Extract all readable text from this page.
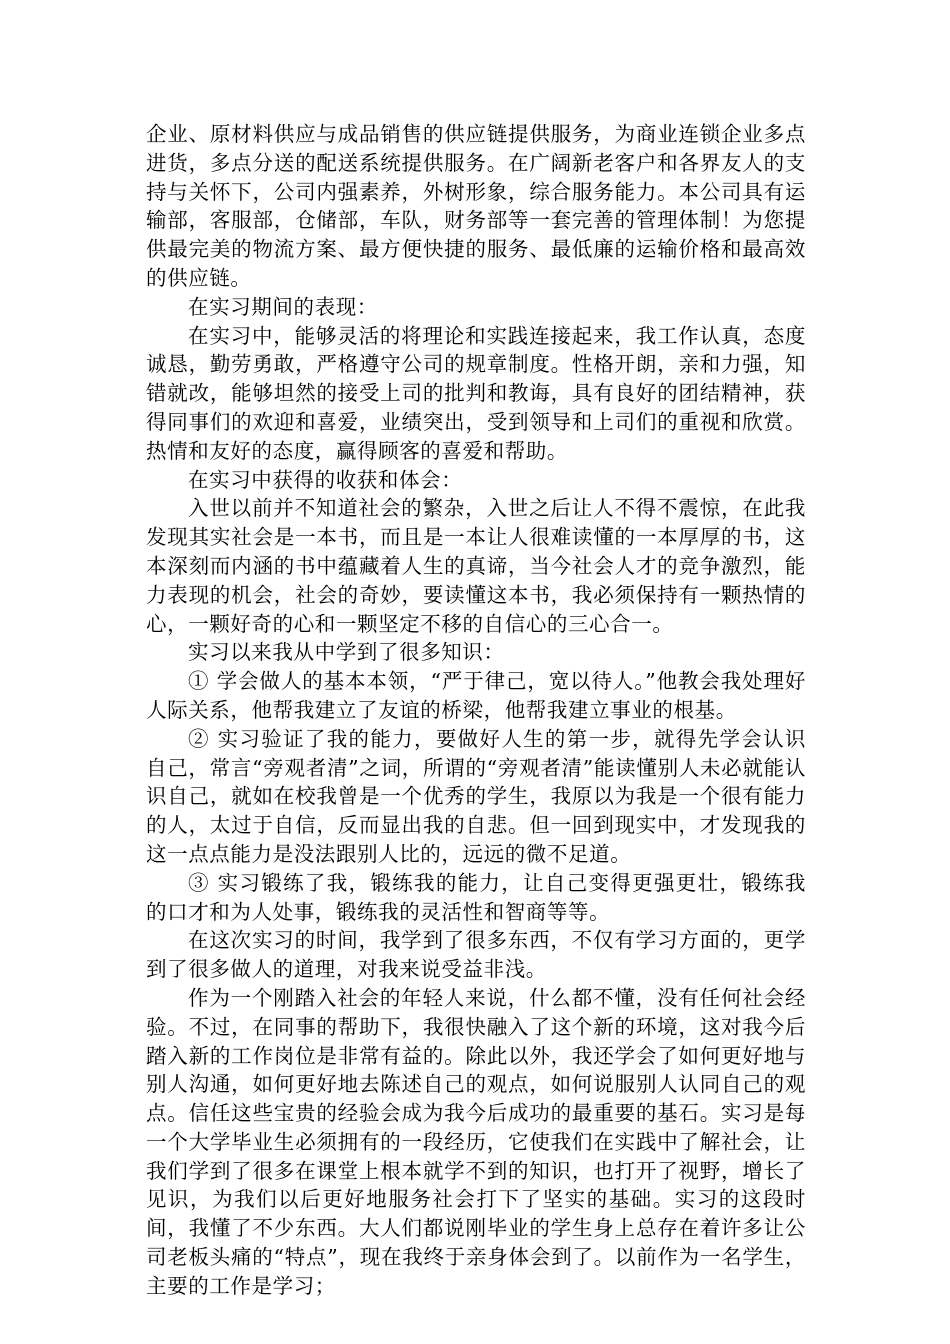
企业、原材料供应与成品销售的供应链提供服务，为商业连锁企业多点进货，多点分送的配送系统提供服务。在广阔新老客户和各界友人的支持与关怀下，公司内强素养，外树形象，综合服务能力。本公司具有运输部，客服部，仓储部，车队，财务部等一套完善的管理体制！为您提供最完美的物流方案、最方便快捷的服务、最低廉的运输价格和最高效的供应链。

在实习期间的表现：

在实习中，能够灵活的将理论和实践连接起来，我工作认真，态度诚恳，勤劳勇敢，严格遵守公司的规章制度。性格开朗，亲和力强，知错就改，能够坦然的接受上司的批判和教诲，具有良好的团结精神，获得同事们的欢迎和喜爱，业绩突出，受到领导和上司们的重视和欣赏。热情和友好的态度，赢得顾客的喜爱和帮助。

在实习中获得的收获和体会：

入世以前并不知道社会的繁杂，入世之后让人不得不震惊，在此我发现其实社会是一本书，而且是一本让人很难读懂的一本厚厚的书，这本深刻而内涵的书中蕴藏着人生的真谛，当今社会人才的竞争激烈，能力表现的机会，社会的奇妙，要读懂这本书，我必须保持有一颗热情的心，一颗好奇的心和一颗坚定不移的自信心的三心合一。

实习以来我从中学到了很多知识：

① 学会做人的基本本领，“严于律己，宽以待人。”他教会我处理好人际关系，他帮我建立了友谊的桥梁，他帮我建立事业的根基。

② 实习验证了我的能力，要做好人生的第一步，就得先学会认识自己，常言“旁观者清”之词，所谓的“旁观者清”能读懂别人未必就能认识自己，就如在校我曾是一个优秀的学生，我原以为我是一个很有能力的人，太过于自信，反而显出我的自悲。但一回到现实中，才发现我的这一点点能力是没法跟别人比的，远远的微不足道。

③ 实习锻练了我，锻练我的能力，让自己变得更强更壮，锻练我的口才和为人处事，锻练我的灵活性和智商等等。

在这次实习的时间，我学到了很多东西，不仅有学习方面的，更学到了很多做人的道理，对我来说受益非浅。

作为一个刚踏入社会的年轻人来说，什么都不懂，没有任何社会经验。不过，在同事的帮助下，我很快融入了这个新的环境，这对我今后踏入新的工作岗位是非常有益的。除此以外，我还学会了如何更好地与别人沟通，如何更好地去陈述自己的观点，如何说服别人认同自己的观点。信任这些宝贵的经验会成为我今后成功的最重要的基石。实习是每一个大学毕业生必须拥有的一段经历，它使我们在实践中了解社会，让我们学到了很多在课堂上根本就学不到的知识，也打开了视野，增长了见识，为我们以后更好地服务社会打下了坚实的基础。实习的这段时间，我懂了不少东西。大人们都说刚毕业的学生身上总存在着许多让公司老板头痛的“特点”，现在我终于亲身体会到了。以前作为一名学生，主要的工作是学习；
